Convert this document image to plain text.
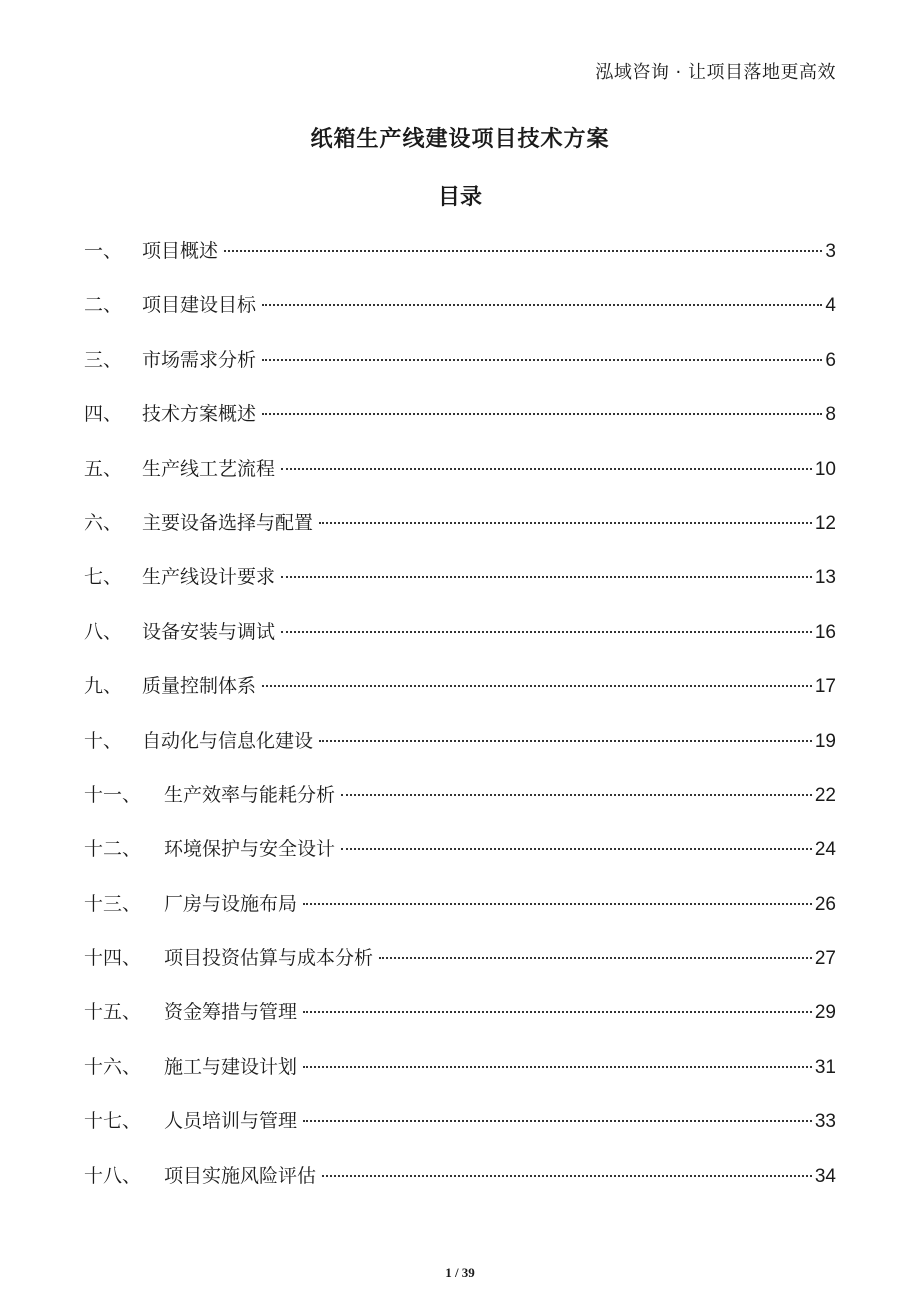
泓域咨询 · 让项目落地更高效
纸箱生产线建设项目技术方案
目录
一、	项目概述	3
二、	项目建设目标	4
三、	市场需求分析	6
四、	技术方案概述	8
五、	生产线工艺流程	10
六、	主要设备选择与配置	12
七、	生产线设计要求	13
八、	设备安装与调试	16
九、	质量控制体系	17
十、	自动化与信息化建设	19
十一、	生产效率与能耗分析	22
十二、	环境保护与安全设计	24
十三、	厂房与设施布局	26
十四、	项目投资估算与成本分析	27
十五、	资金筹措与管理	29
十六、	施工与建设计划	31
十七、	人员培训与管理	33
十八、	项目实施风险评估	34
1 / 39
